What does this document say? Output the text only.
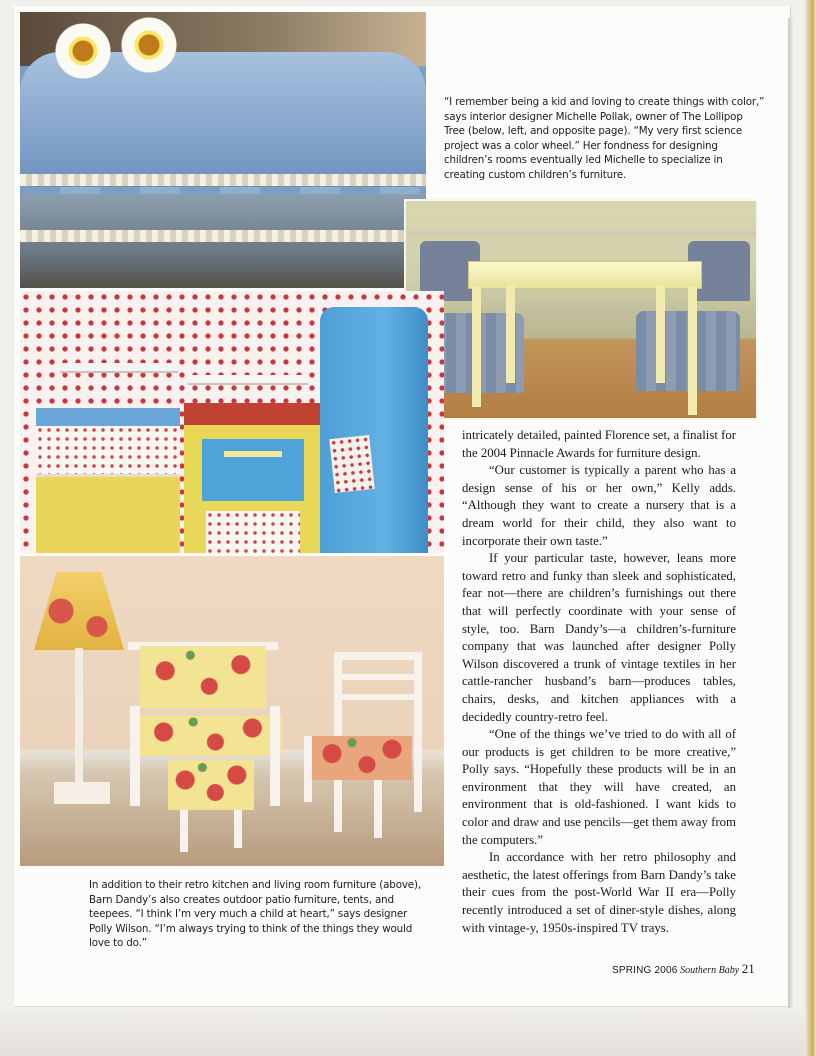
“I remember being a kid and loving to create things with color,” says interior designer Michelle Pollak, owner of The Lollipop Tree (below, left, and opposite page). “My very first science project was a color wheel.” Her fondness for designing children’s rooms eventually led Michelle to specialize in creating custom children’s furniture.

In addition to their retro kitchen and living room furniture (above), Barn Dandy’s also creates outdoor patio furniture, tents, and teepees. “I think I’m very much a child at heart,” says designer Polly Wilson. “I’m always trying to think of the things they would love to do.”

intricately detailed, painted Florence set, a finalist for the 2004 Pinnacle Awards for furniture design.

“Our customer is typically a parent who has a design sense of his or her own,” Kelly adds. “Although they want to create a nursery that is a dream world for their child, they also want to incorporate their own taste.”

If your particular taste, however, leans more toward retro and funky than sleek and sophisticated, fear not—there are children’s furnishings out there that will perfectly coordinate with your sense of style, too. Barn Dandy’s—a children’s-furniture company that was launched after designer Polly Wilson discovered a trunk of vintage textiles in her cattle-rancher husband’s barn—produces tables, chairs, desks, and kitchen appliances with a decidedly country-retro feel.

“One of the things we’ve tried to do with all of our products is get children to be more creative,” Polly says. “Hopefully these products will be in an environment that they will have created, an environment that is old-fashioned. I want kids to color and draw and use pencils—get them away from the computers.”

In accordance with her retro philosophy and aesthetic, the latest offerings from Barn Dandy’s take their cues from the post-World War II era—Polly recently introduced a set of diner-style dishes, along with vintage-y, 1950s-inspired TV trays.

SPRING 2006 Southern Baby 21
